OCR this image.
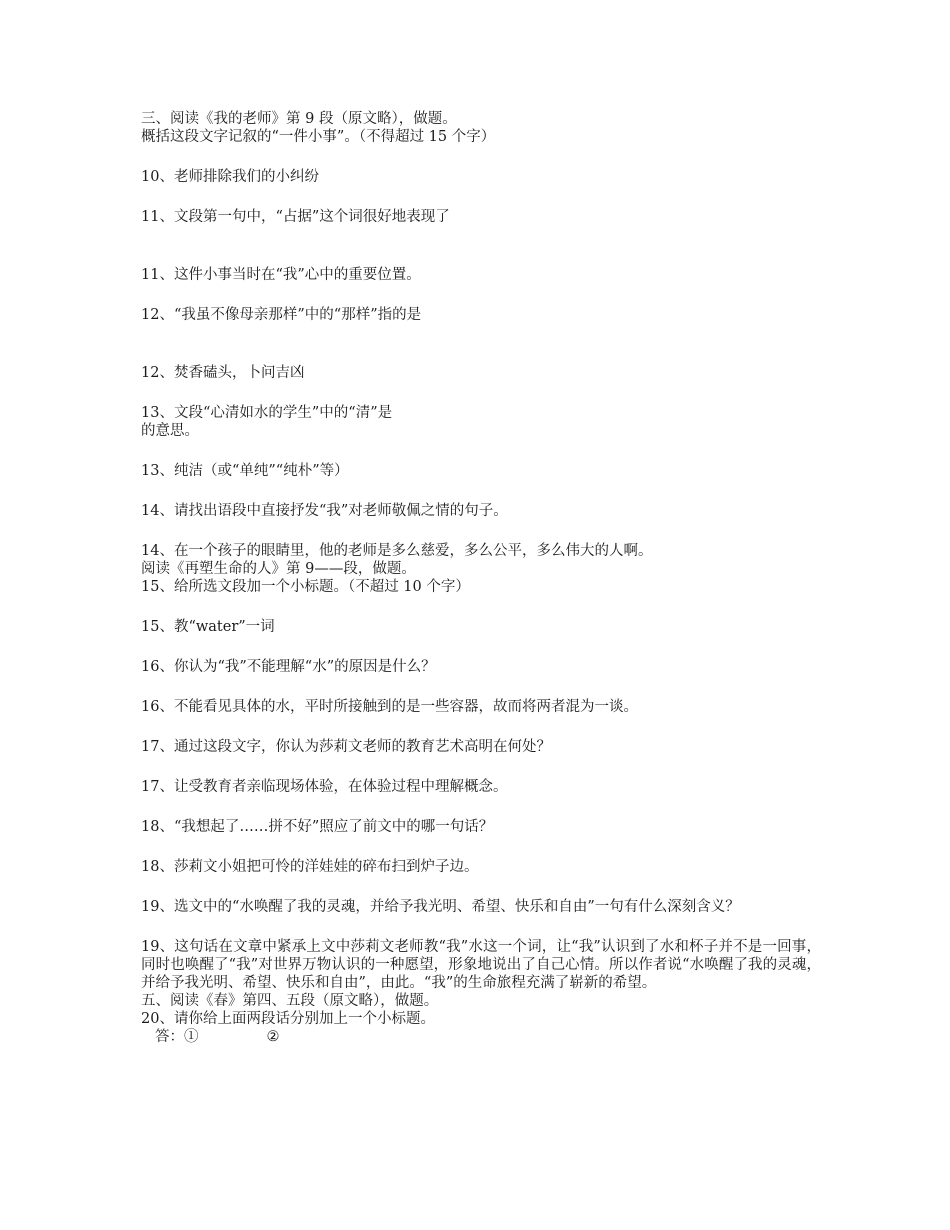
三、阅读《我的老师》第 9 段（原文略），做题。

概括这段文字记叙的“一件小事”。（不得超过 15 个字）

10、老师排除我们的小纠纷

11、文段第一句中，“占据”这个词很好地表现了

11、这件小事当时在“我”心中的重要位置。

12、“我虽不像母亲那样”中的“那样”指的是

12、焚香磕头，卜问吉凶

13、文段“心清如水的学生”中的“清”是

的意思。

13、纯洁（或“单纯”“纯朴”等）

14、请找出语段中直接抒发“我”对老师敬佩之情的句子。

14、在一个孩子的眼睛里，他的老师是多么慈爱，多么公平，多么伟大的人啊。

阅读《再塑生命的人》第 9——段，做题。

15、给所选文段加一个小标题。（不超过 10 个字）

15、教“water”一词

16、你认为“我”不能理解“水”的原因是什么？

16、不能看见具体的水，平时所接触到的是一些容器，故而将两者混为一谈。

17、通过这段文字，你认为莎莉文老师的教育艺术高明在何处？

17、让受教育者亲临现场体验，在体验过程中理解概念。

18、“我想起了……拼不好”照应了前文中的哪一句话？

18、莎莉文小姐把可怜的洋娃娃的碎布扫到炉子边。

19、选文中的“水唤醒了我的灵魂，并给予我光明、希望、快乐和自由”一句有什么深刻含义？

19、这句话在文章中紧承上文中莎莉文老师教“我”水这一个词，让“我”认识到了水和杯子并不是一回事，同时也唤醒了“我”对世界万物认识的一种愿望，形象地说出了自己心情。所以作者说“水唤醒了我的灵魂，并给予我光明、希望、快乐和自由”，由此。“我”的生命旅程充满了崭新的希望。

五、阅读《春》第四、五段（原文略），做题。

20、请你给上面两段话分别加上一个小标题。

答：①	②
